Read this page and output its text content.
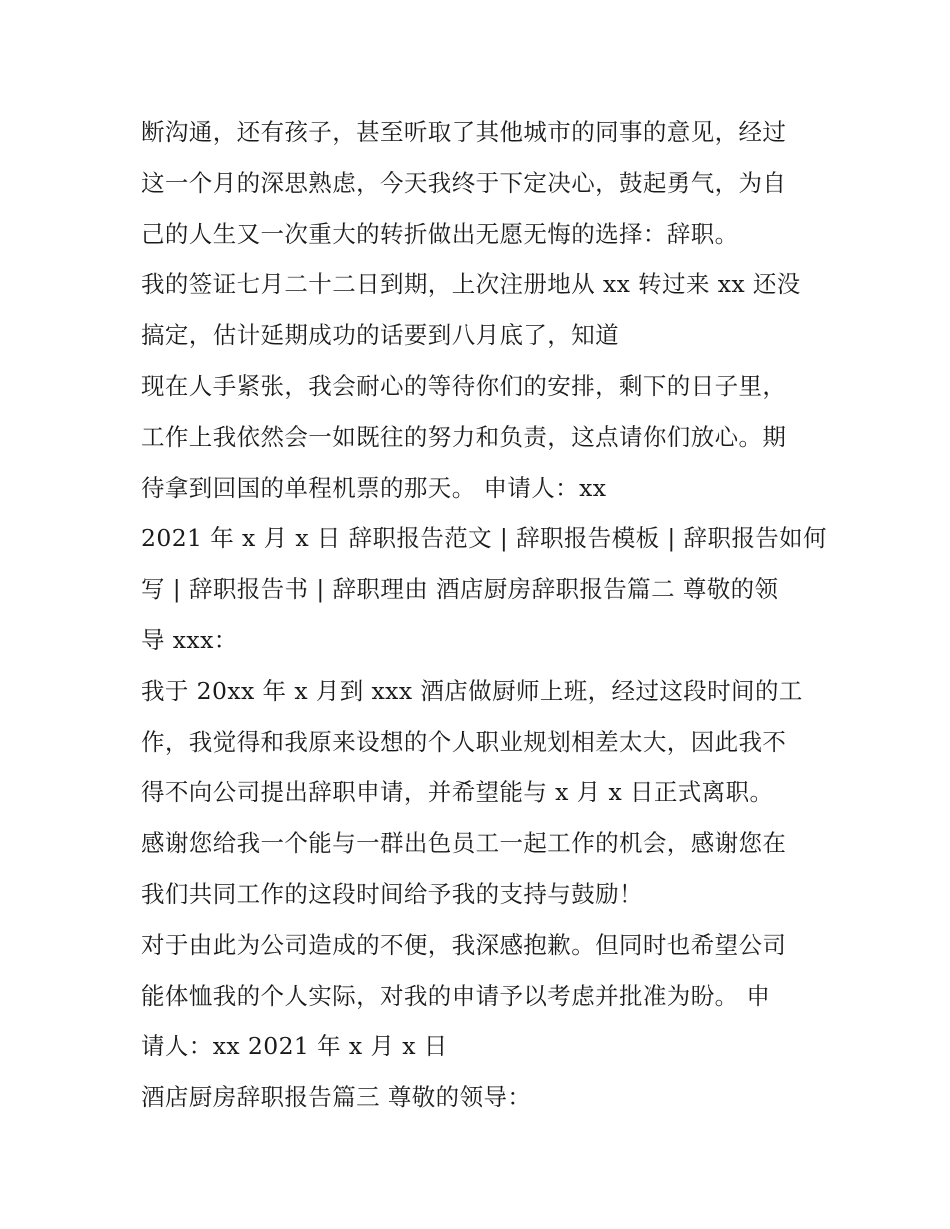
断沟通，还有孩子，甚至听取了其他城市的同事的意见，经过
这一个月的深思熟虑，今天我终于下定决心，鼓起勇气，为自
己的人生又一次重大的转折做出无愿无悔的选择：辞职。
我的签证七月二十二日到期，上次注册地从 xx 转过来 xx 还没
搞定，估计延期成功的话要到八月底了，知道
现在人手紧张，我会耐心的等待你们的安排，剩下的日子里，
工作上我依然会一如既往的努力和负责，这点请你们放心。期
待拿到回国的单程机票的那天。 申请人：xx
2021 年 x 月 x 日 辞职报告范文 | 辞职报告模板 | 辞职报告如何
写 | 辞职报告书 | 辞职理由 酒店厨房辞职报告篇二 尊敬的领
导 xxx：
我于 20xx 年 x 月到 xxx 酒店做厨师上班，经过这段时间的工
作，我觉得和我原来设想的个人职业规划相差太大，因此我不
得不向公司提出辞职申请，并希望能与 x 月 x 日正式离职。
感谢您给我一个能与一群出色员工一起工作的机会，感谢您在
我们共同工作的这段时间给予我的支持与鼓励！
对于由此为公司造成的不便，我深感抱歉。但同时也希望公司
能体恤我的个人实际，对我的申请予以考虑并批准为盼。 申
请人：xx 2021 年 x 月 x 日
酒店厨房辞职报告篇三 尊敬的领导：
